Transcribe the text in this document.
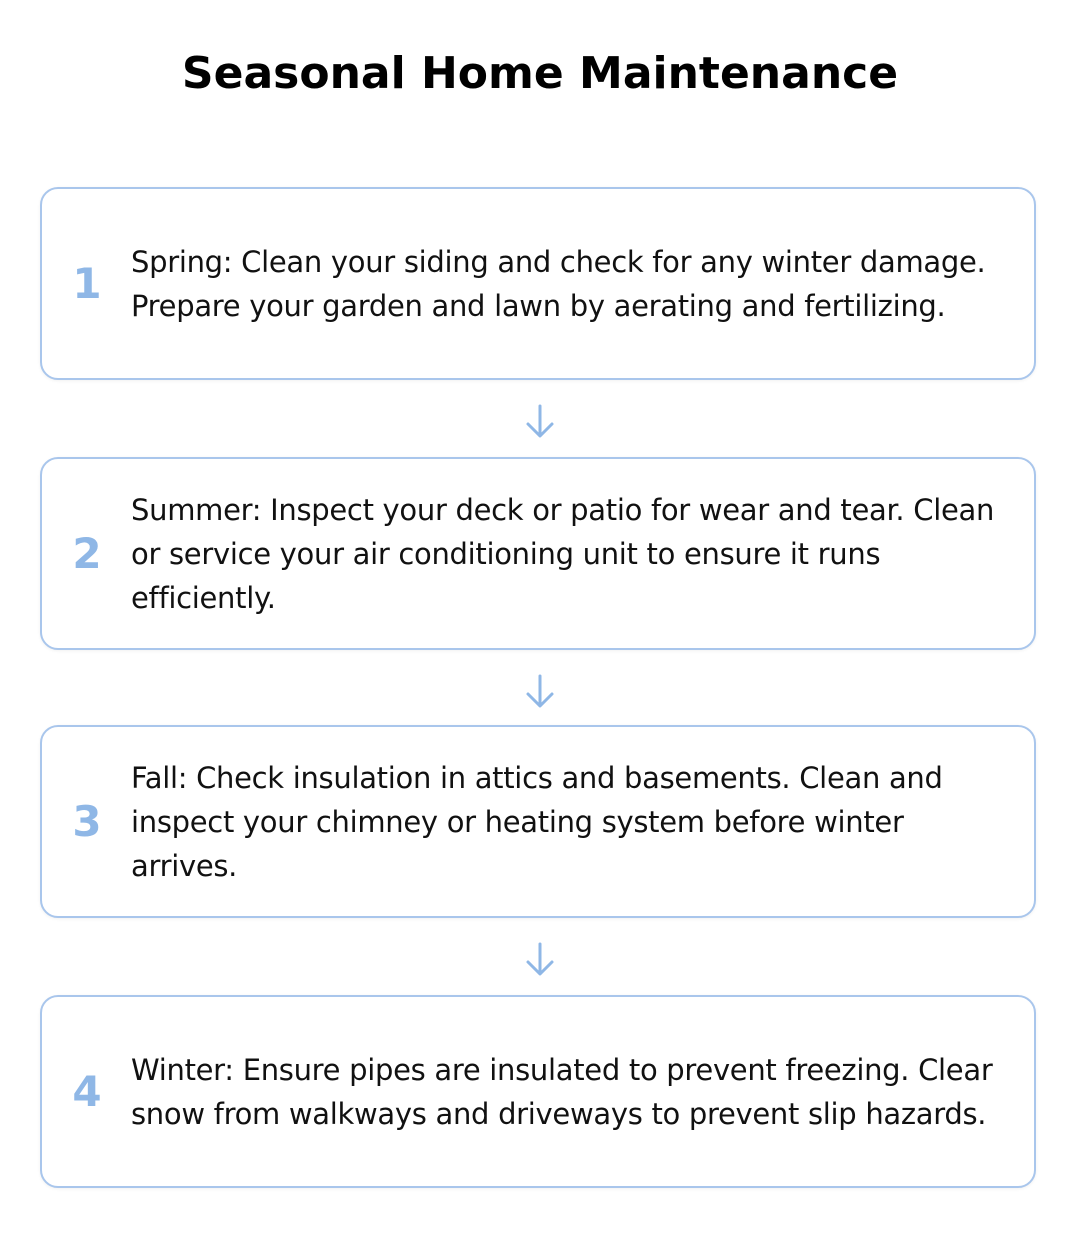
Seasonal Home Maintenance
1	Spring: Clean your siding and check for any winter damage. Prepare your garden and lawn by aerating and fertilizing.
2
Summer: Inspect your deck or patio for wear and tear. Clean or service your air conditioning unit to ensure it runs efficiently.
3
Fall: Check insulation in attics and basements. Clean and inspect your chimney or heating system before winter arrives.
4	Winter: Ensure pipes are insulated to prevent freezing. Clear snow from walkways and driveways to prevent slip hazards.
